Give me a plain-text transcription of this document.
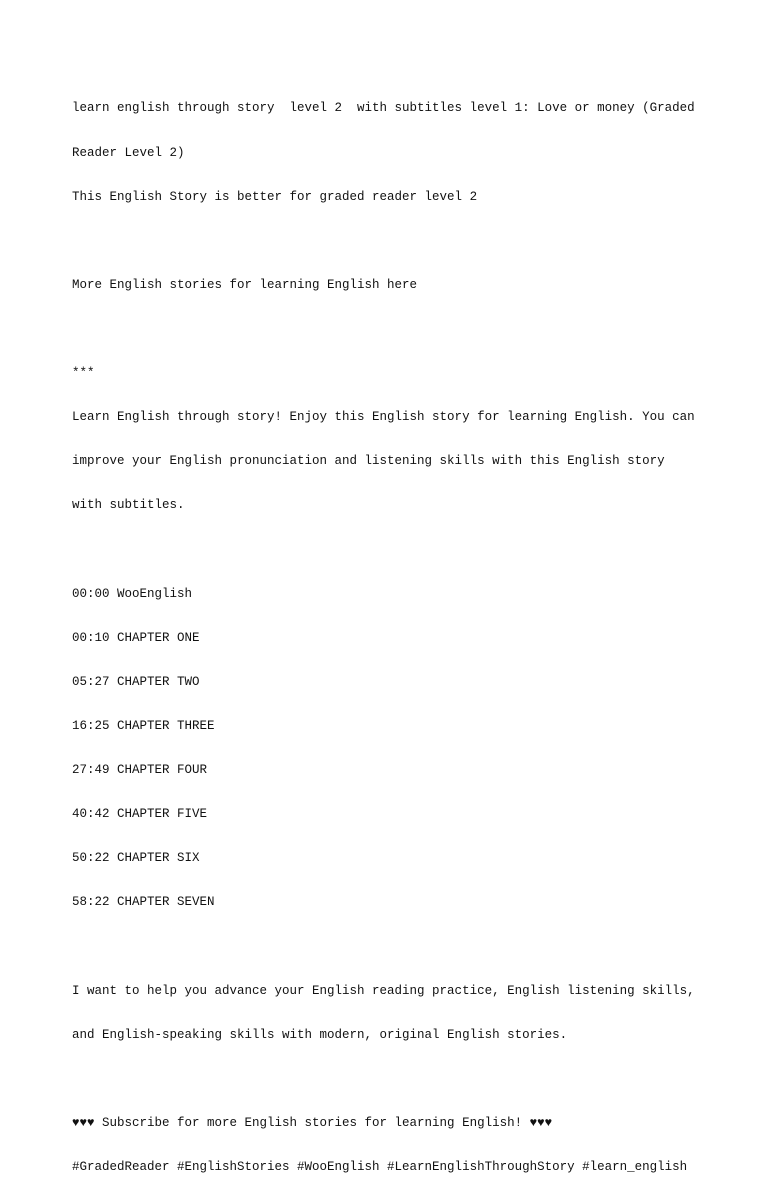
learn english through story  level 2  with subtitles level 1: Love or money (Graded

Reader Level 2)

This English Story is better for graded reader level 2

More English stories for learning English here

***

Learn English through story! Enjoy this English story for learning English. You can

improve your English pronunciation and listening skills with this English story

with subtitles.

00:00 WooEnglish

00:10 CHAPTER ONE

05:27 CHAPTER TWO

16:25 CHAPTER THREE

27:49 CHAPTER FOUR

40:42 CHAPTER FIVE

50:22 CHAPTER SIX

58:22 CHAPTER SEVEN

I want to help you advance your English reading practice, English listening skills,

and English-speaking skills with modern, original English stories.

♥♥♥ Subscribe for more English stories for learning English! ♥♥♥

#GradedReader #EnglishStories #WooEnglish #LearnEnglishThroughStory #learn_english
